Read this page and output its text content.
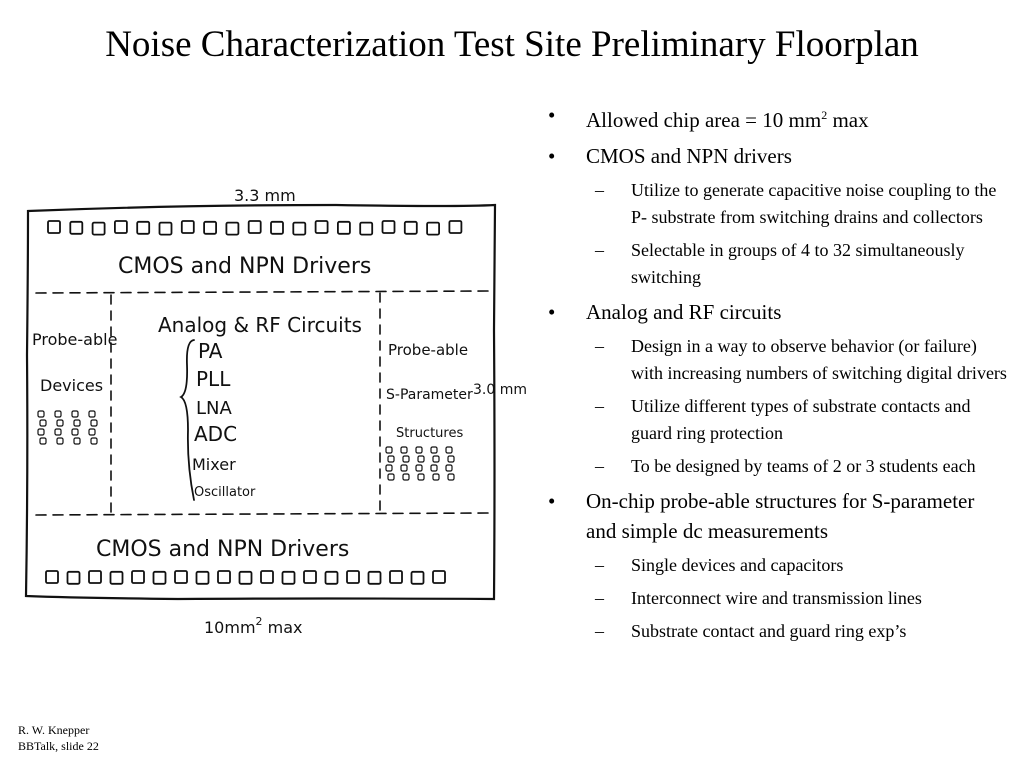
Noise Characterization Test Site Preliminary Floorplan
3.3 mm
3.0 mm
$10mm^2$ max
CMOS and NPN Drivers
CMOS and NPN Drivers
Probe-able
Devices
Analog & RF Circuits
PA
PLL
LNA
ADC
Mixer
Oscillator
Probe-able
S-Parameter
Structures
• Allowed chip area = 10 $mm^2$ max
• CMOS and NPN drivers
– Utilize to generate capacitive noise coupling to the P- substrate from switching drains and collectors
– Selectable in groups of 4 to 32 simultaneously switching
• Analog and RF circuits
– Design in a way to observe behavior (or failure) with increasing numbers of switching digital drivers
– Utilize different types of substrate contacts and guard ring protection
– To be designed by teams of 2 or 3 students each
• On-chip probe-able structures for S-parameter and simple dc measurements
– Single devices and capacitors
– Interconnect wire and transmission lines
– Substrate contact and guard ring exp’s
R. W. Knepper
BBTalk, slide 22
